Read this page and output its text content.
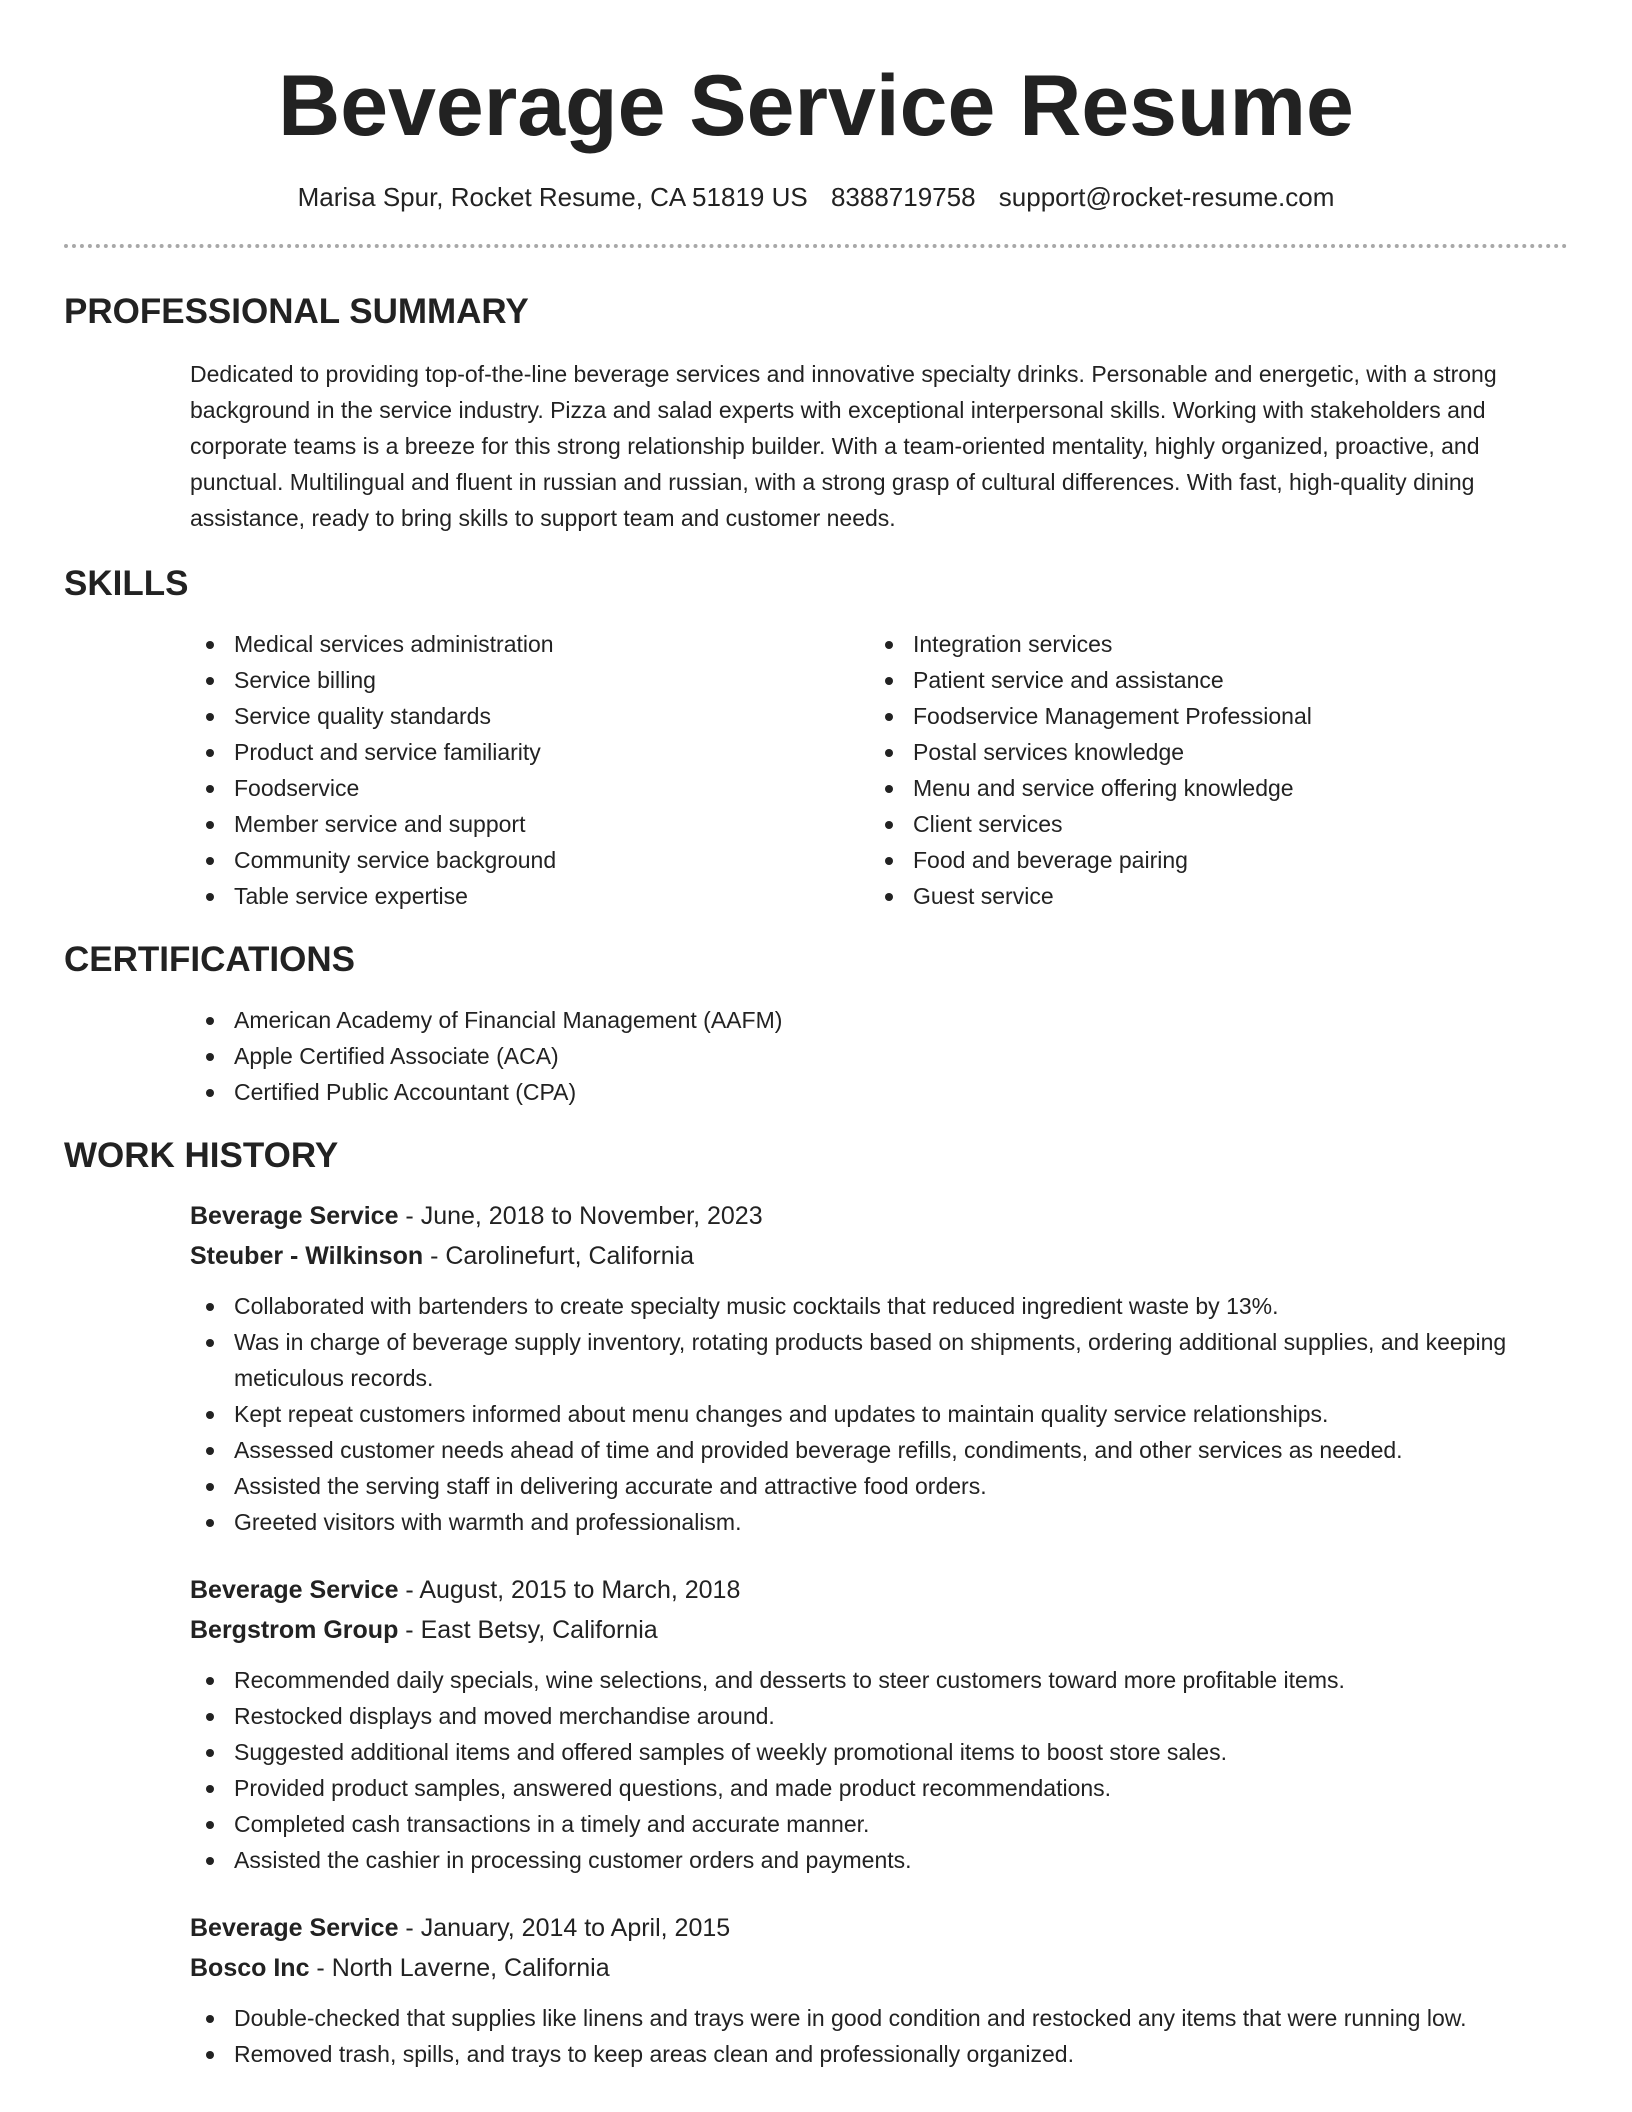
Beverage Service Resume
Marisa Spur, Rocket Resume, CA 51819 US 8388719758 support@rocket-resume.com
PROFESSIONAL SUMMARY

Dedicated to providing top-of-the-line beverage services and innovative specialty drinks. Personable and energetic, with a strong background in the service industry. Pizza and salad experts with exceptional interpersonal skills. Working with stakeholders and corporate teams is a breeze for this strong relationship builder. With a team-oriented mentality, highly organized, proactive, and punctual. Multilingual and fluent in russian and russian, with a strong grasp of cultural differences. With fast, high-quality dining assistance, ready to bring skills to support team and customer needs.

SKILLS
Medical services administration
Service billing
Service quality standards
Product and service familiarity
Foodservice
Member service and support
Community service background
Table service expertise
Integration services
Patient service and assistance
Foodservice Management Professional
Postal services knowledge
Menu and service offering knowledge
Client services
Food and beverage pairing
Guest service
CERTIFICATIONS
American Academy of Financial Management (AAFM)
Apple Certified Associate (ACA)
Certified Public Accountant (CPA)
WORK HISTORY
Beverage Service - June, 2018 to November, 2023
Steuber - Wilkinson - Carolinefurt, California
Collaborated with bartenders to create specialty music cocktails that reduced ingredient waste by 13%.
Was in charge of beverage supply inventory, rotating products based on shipments, ordering additional supplies, and keeping meticulous records.
Kept repeat customers informed about menu changes and updates to maintain quality service relationships.
Assessed customer needs ahead of time and provided beverage refills, condiments, and other services as needed.
Assisted the serving staff in delivering accurate and attractive food orders.
Greeted visitors with warmth and professionalism.
Beverage Service - August, 2015 to March, 2018
Bergstrom Group - East Betsy, California
Recommended daily specials, wine selections, and desserts to steer customers toward more profitable items.
Restocked displays and moved merchandise around.
Suggested additional items and offered samples of weekly promotional items to boost store sales.
Provided product samples, answered questions, and made product recommendations.
Completed cash transactions in a timely and accurate manner.
Assisted the cashier in processing customer orders and payments.
Beverage Service - January, 2014 to April, 2015
Bosco Inc - North Laverne, California
Double-checked that supplies like linens and trays were in good condition and restocked any items that were running low.
Removed trash, spills, and trays to keep areas clean and professionally organized.
